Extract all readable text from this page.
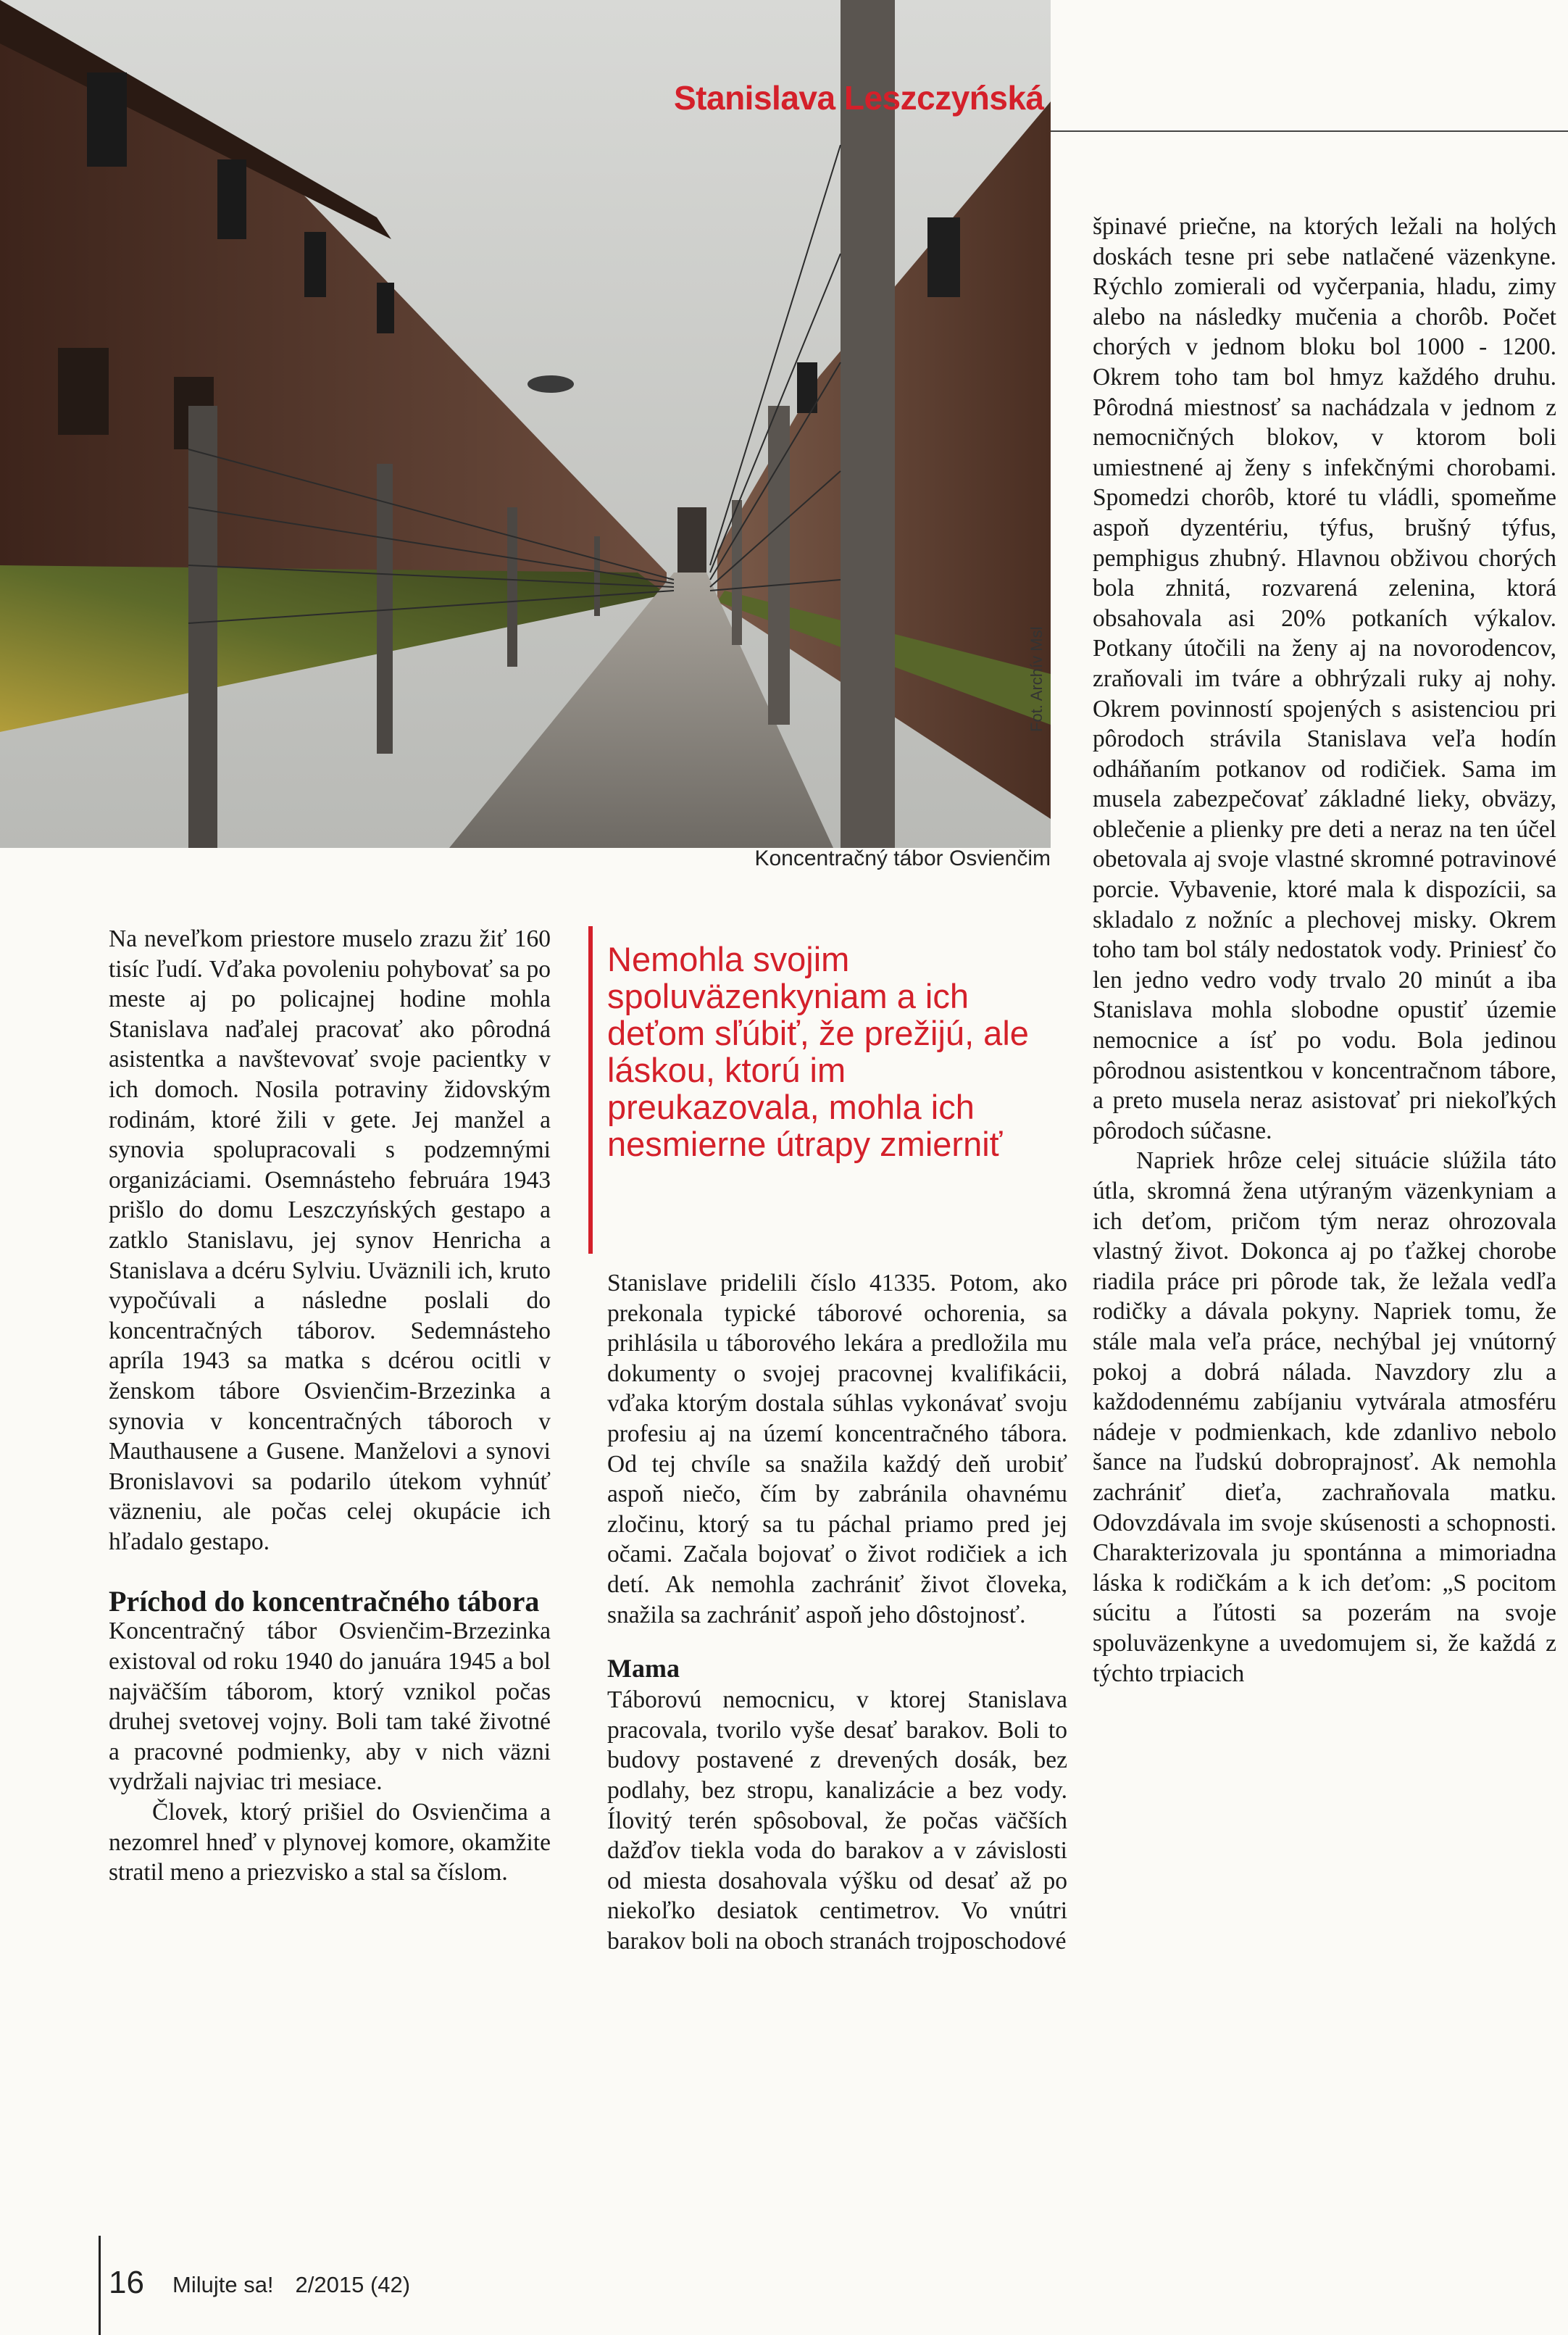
Stanislava Leszczyńská
Fot. Archív Msl
Koncentračný tábor Osvienčim

Na neveľkom priestore muselo zrazu žiť 160 tisíc ľudí. Vďaka povoleniu pohybovať sa po meste aj po policajnej hodine mohla Stanislava naďalej pracovať ako pôrodná asistentka a navštevovať svoje pacientky v ich domoch. Nosila potraviny židovským rodinám, ktoré žili v gete. Jej manžel a synovia spolupracovali s podzemnými organizáciami. Osemnásteho februára 1943 prišlo do domu Leszczyńských gestapo a zatklo Stanislavu, jej synov Henricha a Stanislava a dcéru Sylviu. Uväznili ich, kruto vypočúvali a následne poslali do koncentračných táborov. Sedemnásteho apríla 1943 sa matka s dcérou ocitli v ženskom tábore Osvienčim-Brzezinka a synovia v koncentračných táboroch v Mauthausene a Gusene. Manželovi a synovi Bronislavovi sa podarilo útekom vyhnúť väzneniu, ale počas celej okupácie ich hľadalo gestapo.

Príchod do koncentračného tábora

Koncentračný tábor Osvienčim-Brzezinka existoval od roku 1940 do januára 1945 a bol najväčším táborom, ktorý vznikol počas druhej svetovej vojny. Boli tam také životné a pracovné podmienky, aby v nich väzni vydržali najviac tri mesiace.

Človek, ktorý prišiel do Osvienčima a nezomrel hneď v plynovej komore, okamžite stratil meno a priezvisko a stal sa číslom.

Nemohla svojim spoluväzenkyniam a ich deťom sľúbiť, že prežijú, ale láskou, ktorú im preukazovala, mohla ich nesmierne útrapy zmierniť

Stanislave pridelili číslo 41335. Potom, ako prekonala typické táborové ochorenia, sa prihlásila u táborového lekára a predložila mu dokumenty o svojej pracovnej kvalifikácii, vďaka ktorým dostala súhlas vykonávať svoju profesiu aj na území koncentračného tábora. Od tej chvíle sa snažila každý deň urobiť aspoň niečo, čím by zabránila ohavnému zločinu, ktorý sa tu páchal priamo pred jej očami. Začala bojovať o život rodičiek a ich detí. Ak nemohla zachrániť život človeka, snažila sa zachrániť aspoň jeho dôstojnosť.

Mama

Táborovú nemocnicu, v ktorej Stanislava pracovala, tvorilo vyše desať barakov. Boli to budovy postavené z drevených dosák, bez podlahy, bez stropu, kanalizácie a bez vody. Ílovitý terén spôsoboval, že počas väčších dažďov tiekla voda do barakov a v závislosti od miesta dosahovala výšku od desať až po niekoľko desiatok centimetrov. Vo vnútri barakov boli na oboch stranách trojposchodové

špinavé priečne, na ktorých ležali na holých doskách tesne pri sebe natlačené väzenkyne. Rýchlo zomierali od vyčerpania, hladu, zimy alebo na následky mučenia a chorôb. Počet chorých v jednom bloku bol 1000 - 1200. Okrem toho tam bol hmyz každého druhu. Pôrodná miestnosť sa nachádzala v jednom z nemocničných blokov, v ktorom boli umiestnené aj ženy s infekčnými chorobami. Spomedzi chorôb, ktoré tu vládli, spomeňme aspoň dyzentériu, týfus, brušný týfus, pemphigus zhubný. Hlavnou obživou chorých bola zhnitá, rozvarená zelenina, ktorá obsahovala asi 20% potkaních výkalov. Potkany útočili na ženy aj na novorodencov, zraňovali im tváre a obhrýzali ruky aj nohy. Okrem povinností spojených s asistenciou pri pôrodoch strávila Stanislava veľa hodín odháňaním potkanov od rodičiek. Sama im musela zabezpečovať základné lieky, obväzy, oblečenie a plienky pre deti a neraz na ten účel obetovala aj svoje vlastné skromné potravinové porcie. Vybavenie, ktoré mala k dispozícii, sa skladalo z nožníc a plechovej misky. Okrem toho tam bol stály nedostatok vody. Priniesť čo len jedno vedro vody trvalo 20 minút a iba Stanislava mohla slobodne opustiť územie nemocnice a ísť po vodu. Bola jedinou pôrodnou asistentkou v koncentračnom tábore, a preto musela neraz asistovať pri niekoľkých pôrodoch súčasne.

Napriek hrôze celej situácie slúžila táto útla, skromná žena utýraným väzenkyniam a ich deťom, pričom tým neraz ohrozovala vlastný život. Dokonca aj po ťažkej chorobe riadila práce pri pôrode tak, že ležala vedľa rodičky a dávala pokyny. Napriek tomu, že stále mala veľa práce, nechýbal jej vnútorný pokoj a dobrá nálada. Navzdory zlu a každodennému zabíjaniu vytvárala atmosféru nádeje v podmienkach, kde zdanlivo nebolo šance na ľudskú dobroprajnosť. Ak nemohla zachrániť dieťa, zachraňovala matku. Odovzdávala im svoje skúsenosti a schopnosti. Charakterizovala ju spontánna a mimoriadna láska k rodičkám a k ich deťom: „S pocitom súcitu a ľútosti sa pozerám na svoje spoluväzenkyne a uvedomujem si, že každá z týchto trpiacich

16 Milujte sa! 2/2015 (42)
